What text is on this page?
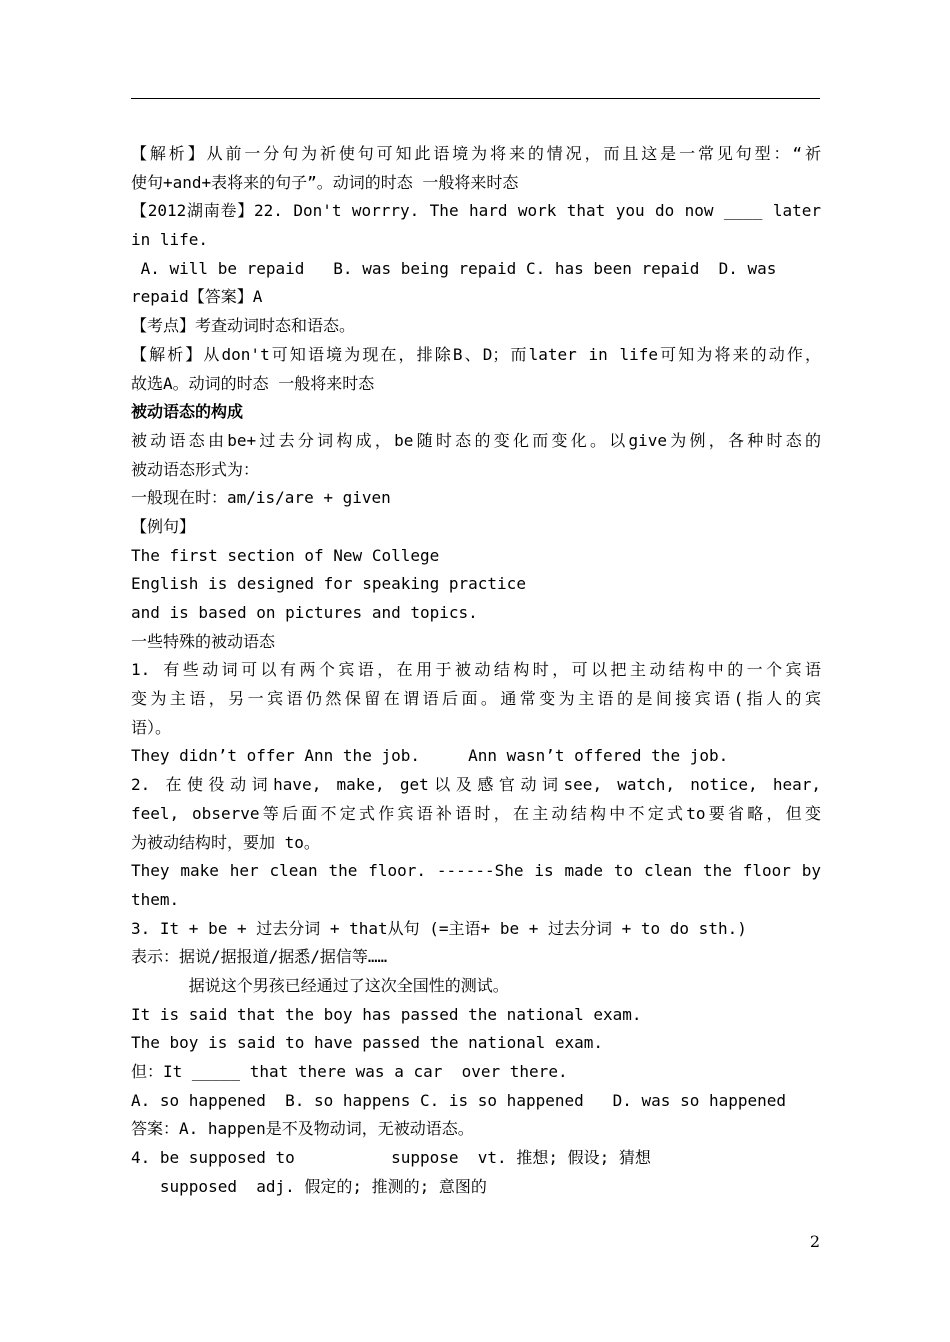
【解析】从前一分句为祈使句可知此语境为将来的情况，而且这是一常见句型：“祈
使句+and+表将来的句子”。动词的时态 一般将来时态
【2012湖南卷】22. Don't worrry. The hard work that you do now ____ later
in life.
A. will be repaid   B. was being repaid C. has been repaid  D. was
repaid【答案】A
【考点】考查动词时态和语态。
【解析】从don't可知语境为现在，排除B、D；而later in life可知为将来的动作，
故选A。动词的时态 一般将来时态
被动语态的构成
被动语态由be+过去分词构成，be随时态的变化而变化。以give为例，各种时态的
被动语态形式为：
一般现在时：am/is/are + given
【例句】
The first section of New College
English is designed for speaking practice
and is based on pictures and topics.
一些特殊的被动语态
1. 有些动词可以有两个宾语，在用于被动结构时，可以把主动结构中的一个宾语
变为主语，另一宾语仍然保留在谓语后面。通常变为主语的是间接宾语(指人的宾
语）。
They didn’t offer Ann the job.     Ann wasn’t offered the job.
2. 在使役动词have, make, get以及感官动词see, watch, notice, hear,
feel, observe等后面不定式作宾语补语时，在主动结构中不定式to要省略，但变
为被动结构时，要加 to。
They make her clean the floor. ------She is made to clean the floor by
them.
3. It + be + 过去分词 + that从句 (=主语+ be + 过去分词 + to do sth.)
表示：据说/据报道/据悉/据信等……
据说这个男孩已经通过了这次全国性的测试。
It is said that the boy has passed the national exam.
The boy is said to have passed the national exam.
但：It _____ that there was a car  over there.
A. so happened  B. so happens C. is so happened   D. was so happened
答案：A. happen是不及物动词，无被动语态。
4. be supposed to          suppose  vt. 推想; 假设; 猜想
supposed  adj. 假定的; 推测的; 意图的
2
